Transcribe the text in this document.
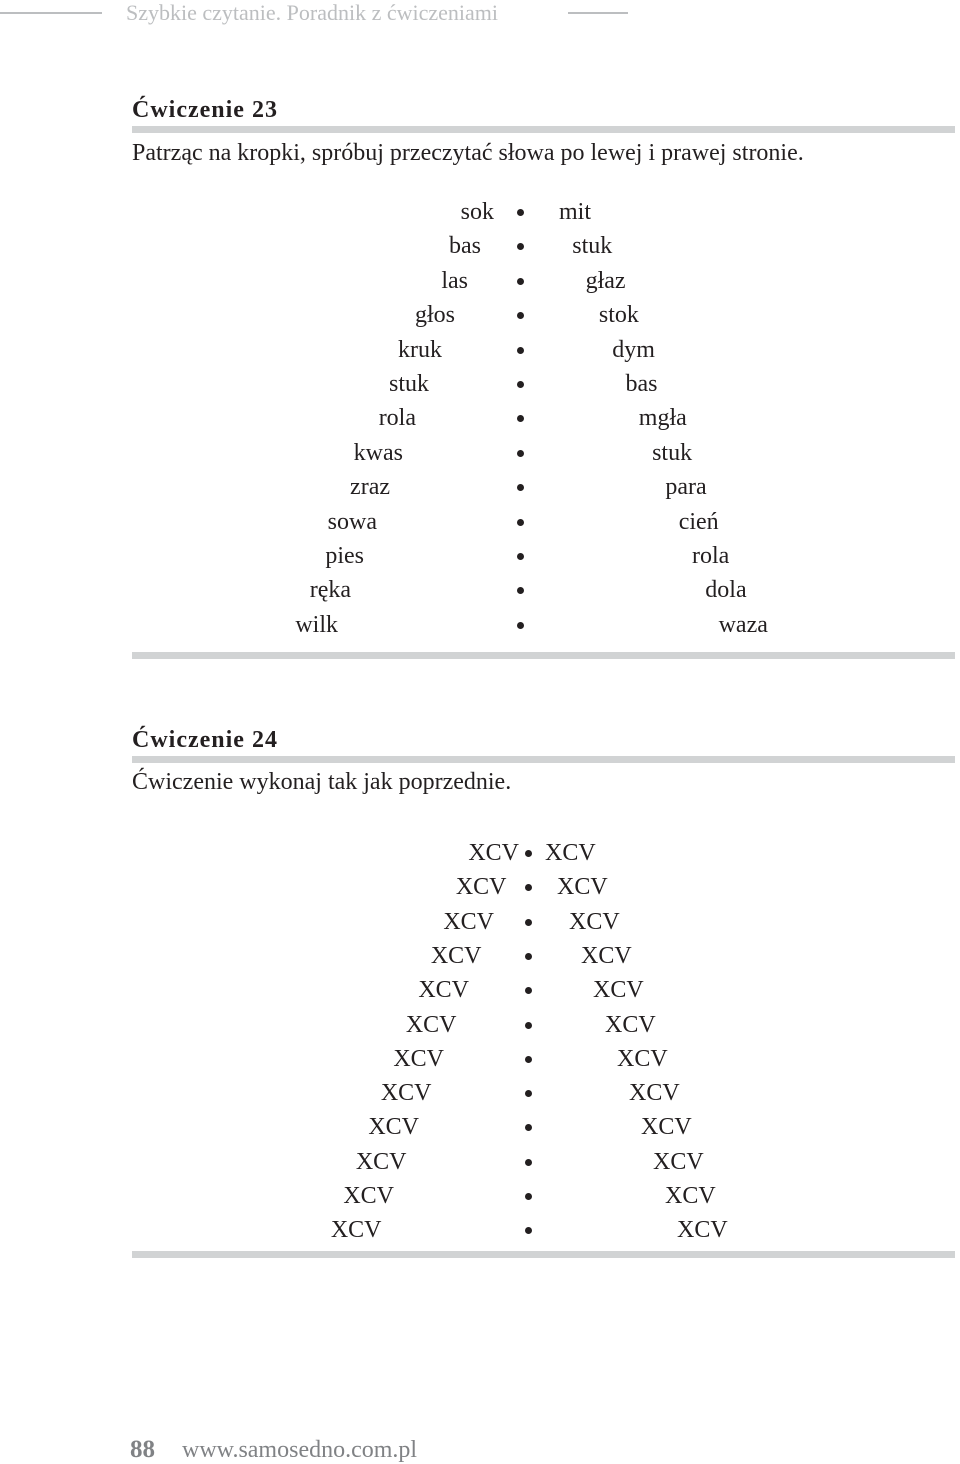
Szybkie czytanie. Poradnik z ćwiczeniami
Ćwiczenie 23
Patrząc na kropki, spróbuj przeczytać słowa po lewej i prawej stronie.
sok	mit
bas	stuk
las	głaz
głos	stok
kruk	dym
stuk	bas
rola	mgła
kwas	stuk
zraz	para
sowa	cień
pies	rola
ręka	dola
wilk	waza
Ćwiczenie 24
Ćwiczenie wykonaj tak jak poprzednie.
XCV XCV
XCV XCV
XCV	XCV
XCV	XCV
XCV	XCV
XCV	XCV
XCV	XCV
XCV	XCV
XCV	XCV
XCV	XCV
XCV	XCV
XCV	XCV
88 www.samosedno.com.pl
